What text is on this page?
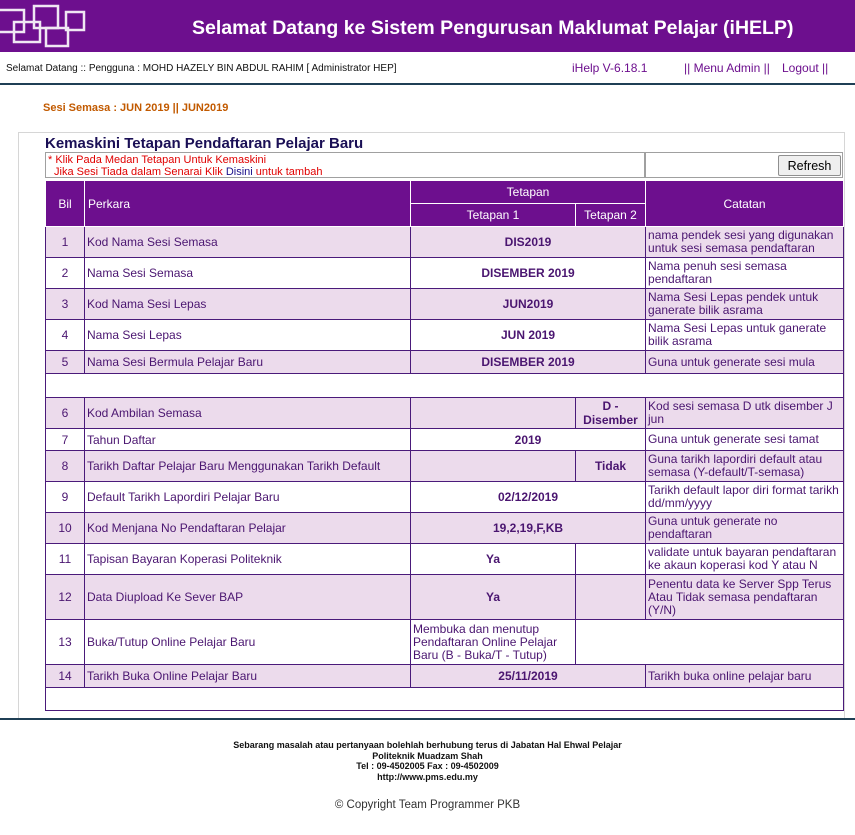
Selamat Datang ke Sistem Pengurusan Maklumat Pelajar (iHELP)
Selamat Datang :: Pengguna : MOHD HAZELY BIN ABDUL RAHIM [ Administrator HEP]	iHelp V-6.18.1	|| Menu Admin || Logout ||
Sesi Semasa : JUN 2019 || JUN2019
Kemaskini Tetapan Pendaftaran Pelajar Baru
* Klik Pada Medan Tetapan Untuk Kemaskini
Jika Sesi Tiada dalam Senarai Klik Disini untuk tambah	Refresh
Bil	Perkara	Tetapan		Catatan
		Tetapan 1	Tetapan 2	
1	Kod Nama Sesi Semasa	DIS2019		nama pendek sesi yang digunakan untuk sesi semasa pendaftaran
2	Nama Sesi Semasa	DISEMBER 2019		Nama penuh sesi semasa pendaftaran
3	Kod Nama Sesi Lepas	JUN2019		Nama Sesi Lepas pendek untuk ganerate bilik asrama
4	Nama Sesi Lepas	JUN 2019		Nama Sesi Lepas untuk ganerate bilik asrama
5	Nama Sesi Bermula Pelajar Baru	DISEMBER 2019		Guna untuk generate sesi mula

6	Kod Ambilan Semasa		D - Disember	Kod sesi semasa D utk disember J jun
7	Tahun Daftar	2019		Guna untuk generate sesi tamat
8	Tarikh Daftar Pelajar Baru Menggunakan Tarikh Default		Tidak	Guna tarikh lapordiri default atau semasa (Y-default/T-semasa)
9	Default Tarikh Lapordiri Pelajar Baru	02/12/2019		Tarikh default lapor diri format tarikh dd/mm/yyyy
10	Kod Menjana No Pendaftaran Pelajar	19,2,19,F,KB		Guna untuk generate no pendaftaran
11	Tapisan Bayaran Koperasi Politeknik	Ya		validate untuk bayaran pendaftaran ke akaun koperasi kod Y atau N
12	Data Diupload Ke Sever BAP	Ya		Penentu data ke Server Spp Terus Atau Tidak semasa pendaftaran (Y/N)
13	Buka/Tutup Online Pelajar Baru	Membuka dan menutup Pendaftaran Online Pelajar Baru (B - Buka/T - Tutup)		
14	Tarikh Buka Online Pelajar Baru	25/11/2019		Tarikh buka online pelajar baru

Sebarang masalah atau pertanyaan bolehlah berhubung terus di Jabatan Hal Ehwal Pelajar
Politeknik Muadzam Shah
Tel : 09-4502005 Fax : 09-4502009
http://www.pms.edu.my
© Copyright Team Programmer PKB
